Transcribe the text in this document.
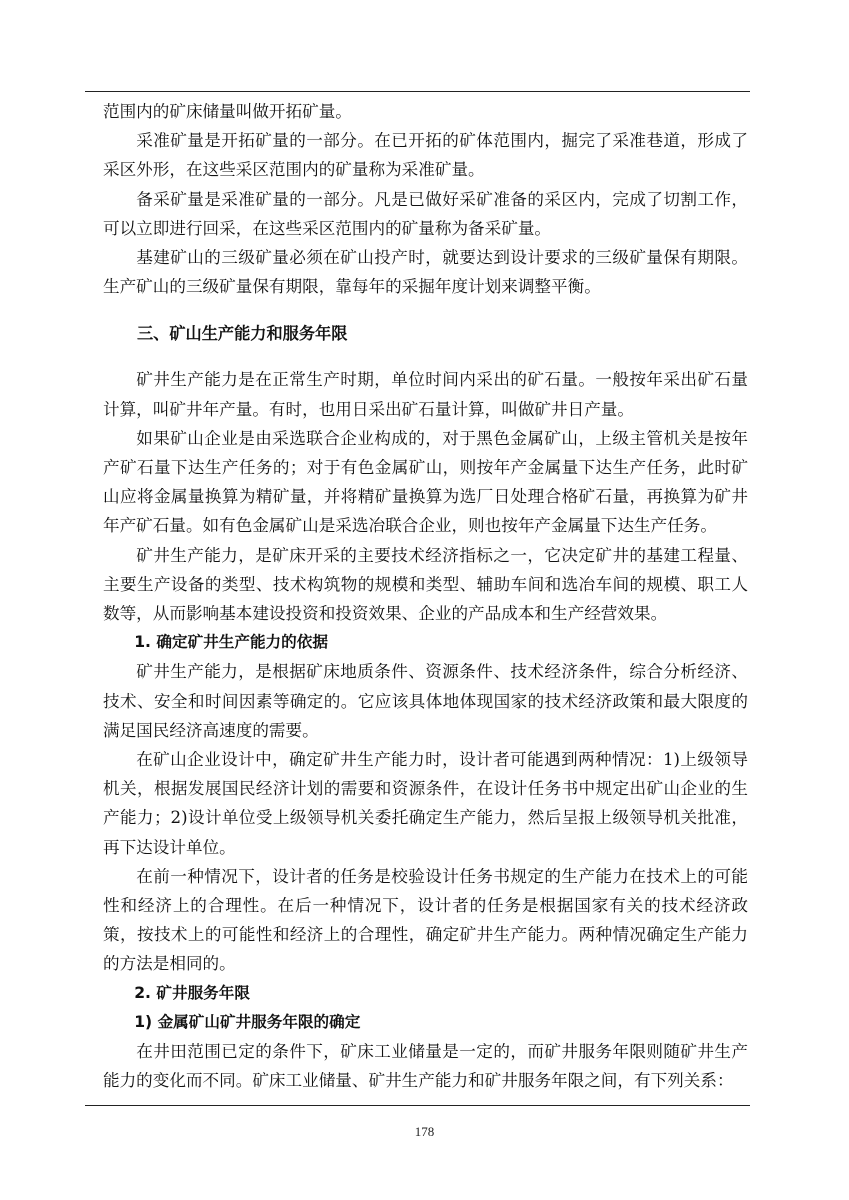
范围内的矿床储量叫做开拓矿量。

采准矿量是开拓矿量的一部分。在已开拓的矿体范围内，掘完了采准巷道，形成了采区外形，在这些采区范围内的矿量称为采准矿量。

备采矿量是采准矿量的一部分。凡是已做好采矿准备的采区内，完成了切割工作，可以立即进行回采，在这些采区范围内的矿量称为备采矿量。

基建矿山的三级矿量必须在矿山投产时，就要达到设计要求的三级矿量保有期限。生产矿山的三级矿量保有期限，靠每年的采掘年度计划来调整平衡。

三、矿山生产能力和服务年限

矿井生产能力是在正常生产时期，单位时间内采出的矿石量。一般按年采出矿石量计算，叫矿井年产量。有时，也用日采出矿石量计算，叫做矿井日产量。

如果矿山企业是由采选联合企业构成的，对于黑色金属矿山，上级主管机关是按年产矿石量下达生产任务的；对于有色金属矿山，则按年产金属量下达生产任务，此时矿山应将金属量换算为精矿量，并将精矿量换算为选厂日处理合格矿石量，再换算为矿井年产矿石量。如有色金属矿山是采选冶联合企业，则也按年产金属量下达生产任务。

矿井生产能力，是矿床开采的主要技术经济指标之一，它决定矿井的基建工程量、主要生产设备的类型、技术构筑物的规模和类型、辅助车间和选冶车间的规模、职工人数等，从而影响基本建设投资和投资效果、企业的产品成本和生产经营效果。

1. 确定矿井生产能力的依据

矿井生产能力，是根据矿床地质条件、资源条件、技术经济条件，综合分析经济、技术、安全和时间因素等确定的。它应该具体地体现国家的技术经济政策和最大限度的满足国民经济高速度的需要。

在矿山企业设计中，确定矿井生产能力时，设计者可能遇到两种情况：1)上级领导机关，根据发展国民经济计划的需要和资源条件，在设计任务书中规定出矿山企业的生产能力；2)设计单位受上级领导机关委托确定生产能力，然后呈报上级领导机关批准，再下达设计单位。

在前一种情况下，设计者的任务是校验设计任务书规定的生产能力在技术上的可能性和经济上的合理性。在后一种情况下，设计者的任务是根据国家有关的技术经济政策，按技术上的可能性和经济上的合理性，确定矿井生产能力。两种情况确定生产能力的方法是相同的。

2. 矿井服务年限
1) 金属矿山矿井服务年限的确定

在井田范围已定的条件下，矿床工业储量是一定的，而矿井服务年限则随矿井生产能力的变化而不同。矿床工业储量、矿井生产能力和矿井服务年限之间，有下列关系：

178
